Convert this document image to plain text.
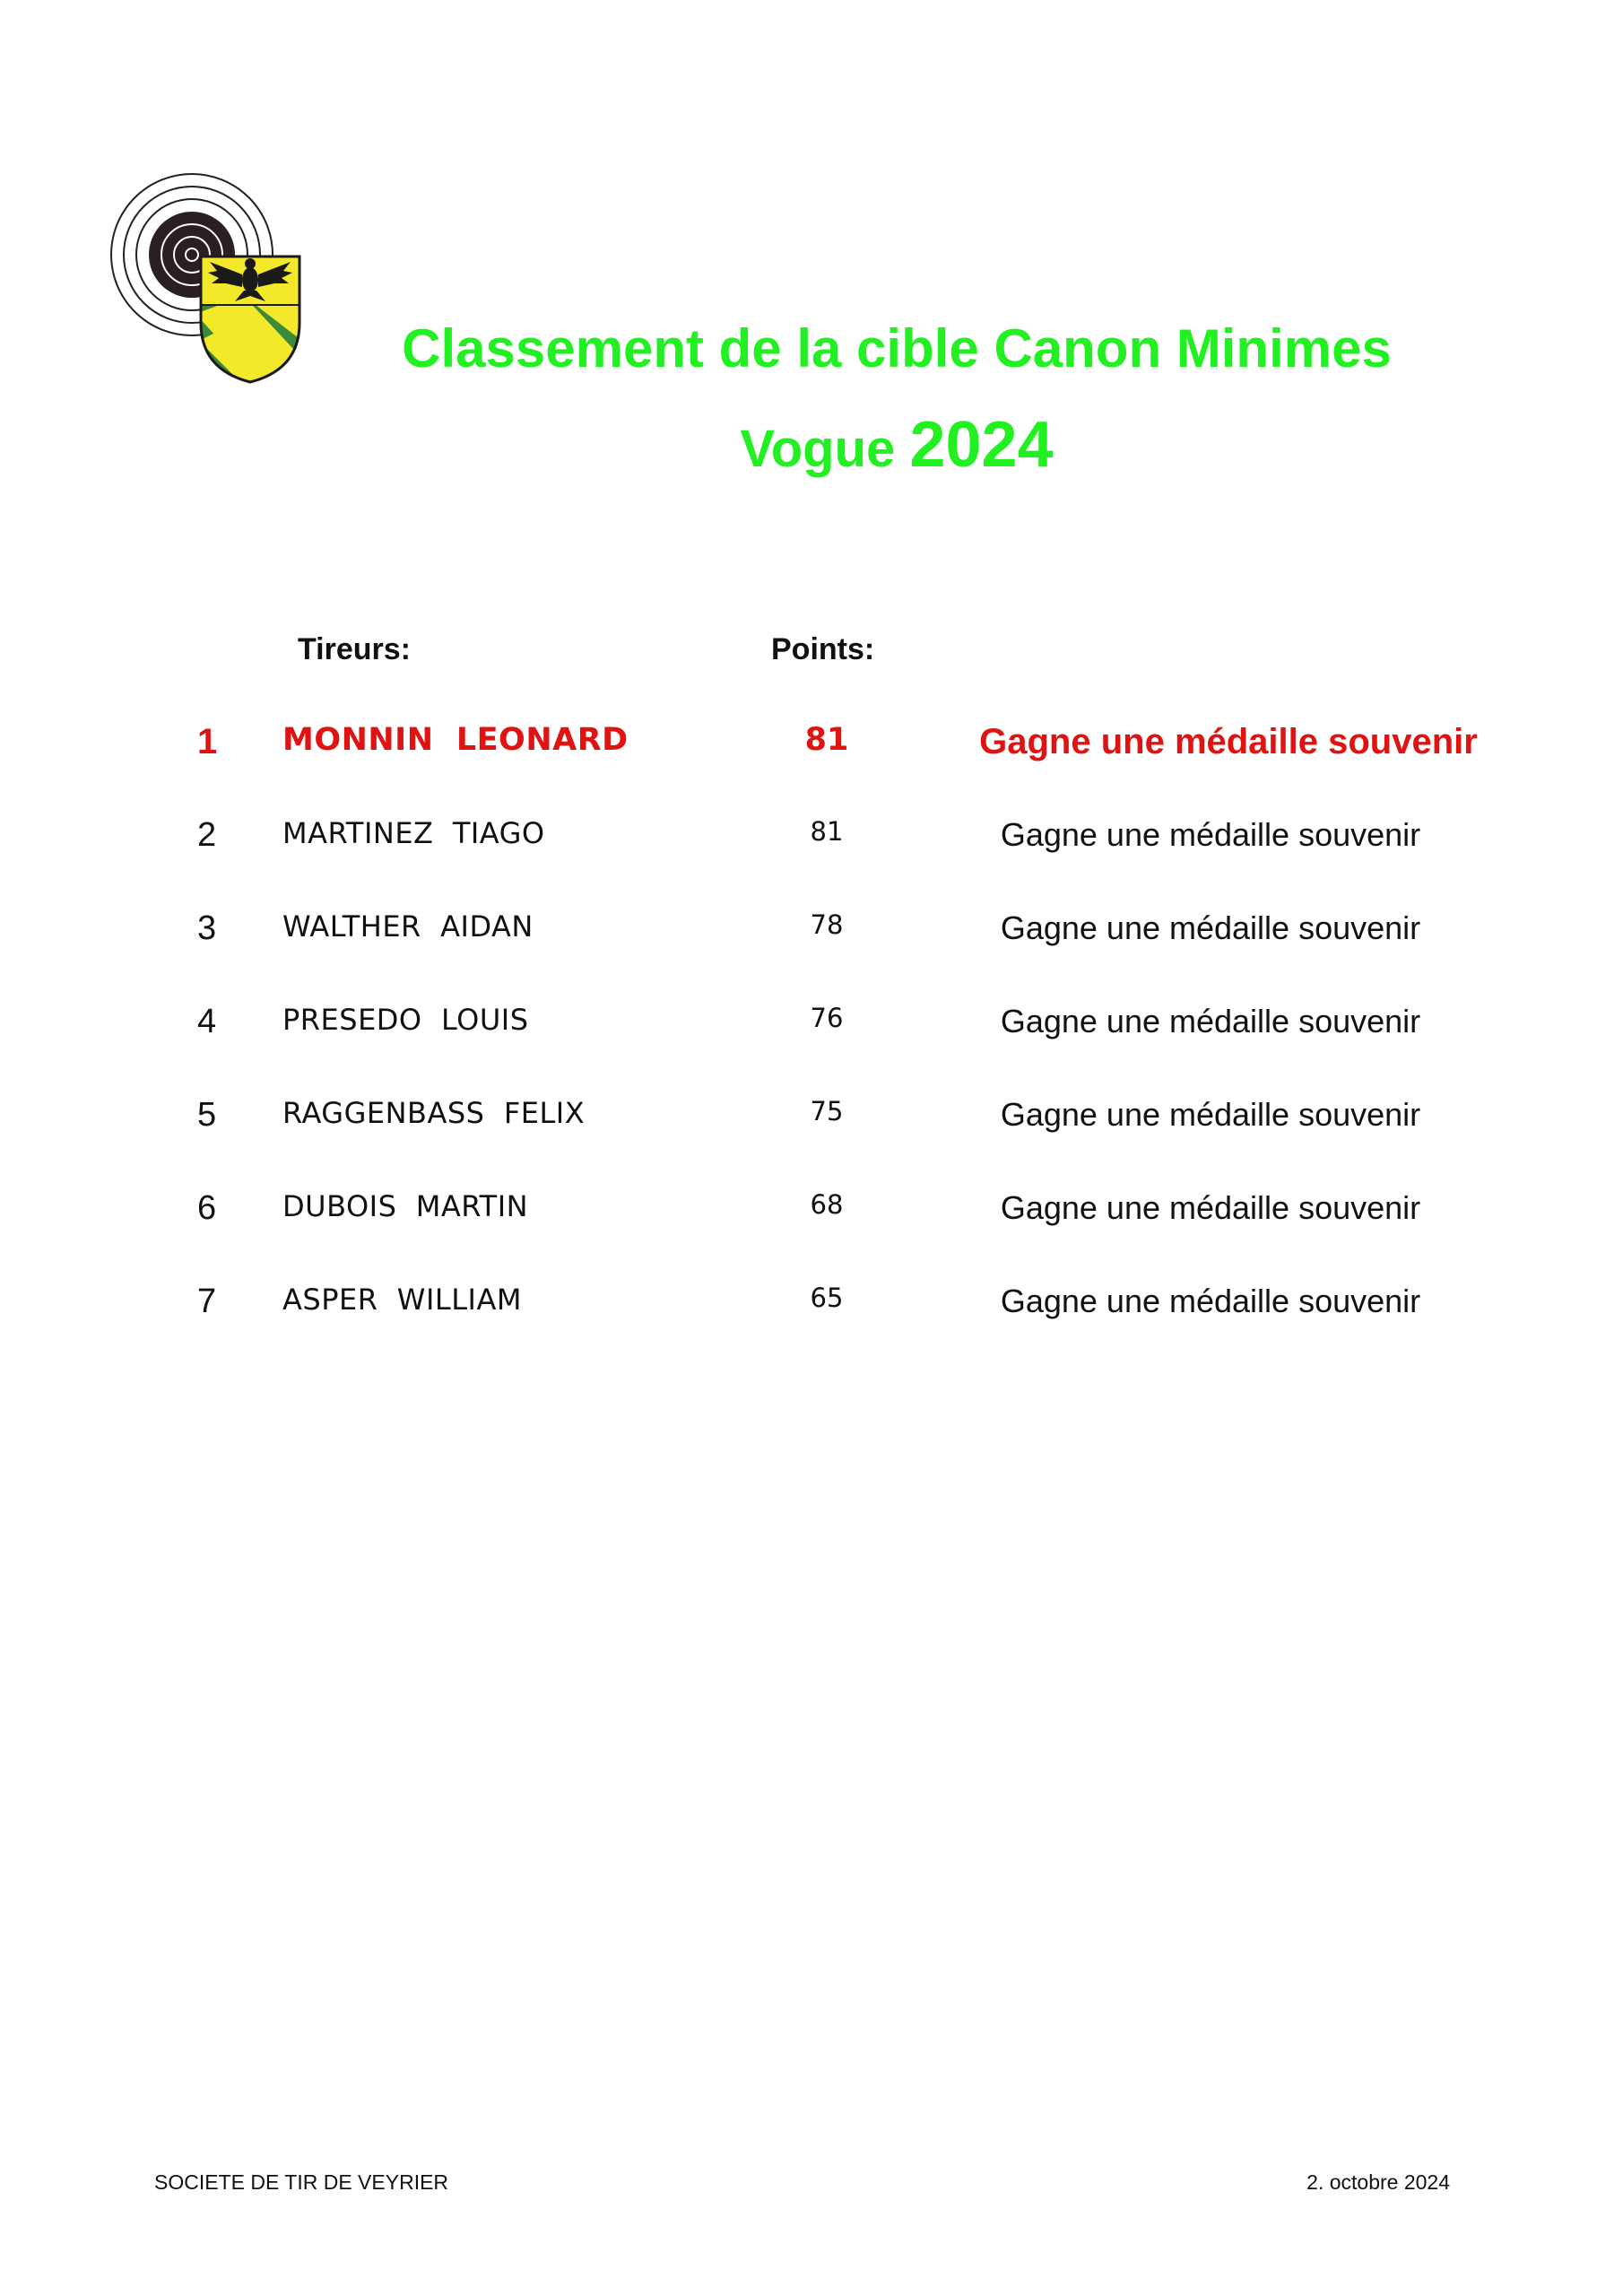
Classement de la cible Canon Minimes
Vogue 2024
Tireurs:	Points:
1	MONNIN  LEONARD	81	Gagne une médaille souvenir
2	MARTINEZ  TIAGO	81	Gagne une médaille souvenir
3	WALTHER  AIDAN	78	Gagne une médaille souvenir
4	PRESEDO  LOUIS	76	Gagne une médaille souvenir
5	RAGGENBASS  FELIX	75	Gagne une médaille souvenir
6	DUBOIS  MARTIN	68	Gagne une médaille souvenir
7	ASPER  WILLIAM	65	Gagne une médaille souvenir
SOCIETE DE TIR DE VEYRIER	2. octobre 2024
